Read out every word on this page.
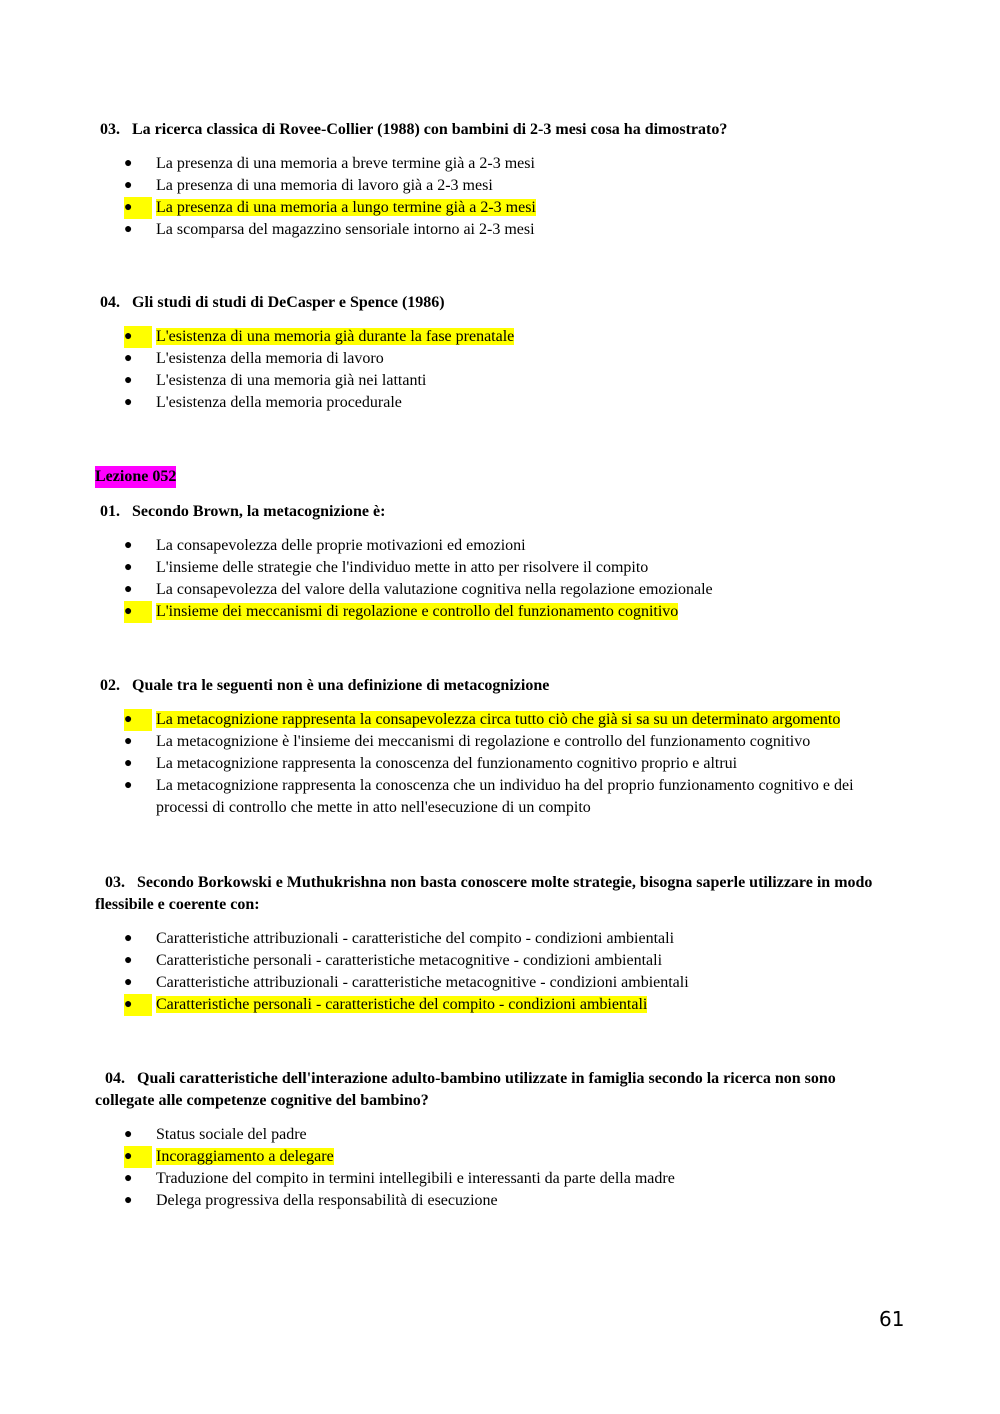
03. La ricerca classica di Rovee-Collier (1988) con bambini di 2-3 mesi cosa ha dimostrato?

● La presenza di una memoria a breve termine già a 2-3 mesi
● La presenza di una memoria di lavoro già a 2-3 mesi
●	La presenza di una memoria a lungo termine già a 2-3 mesi
● La scomparsa del magazzino sensoriale intorno ai 2-3 mesi

04. Gli studi di studi di DeCasper e Spence (1986)

●	L'esistenza di una memoria già durante la fase prenatale
● L'esistenza della memoria di lavoro
● L'esistenza di una memoria già nei lattanti
● L'esistenza della memoria procedurale
Lezione 052

01. Secondo Brown, la metacognizione è:

● La consapevolezza delle proprie motivazioni ed emozioni
● L'insieme delle strategie che l'individuo mette in atto per risolvere il compito
● La consapevolezza del valore della valutazione cognitiva nella regolazione emozionale
●	L'insieme dei meccanismi di regolazione e controllo del funzionamento cognitivo

02. Quale tra le seguenti non è una definizione di metacognizione

●	La metacognizione rappresenta la consapevolezza circa tutto ciò che già si sa su un determinato argomento
● La metacognizione è l'insieme dei meccanismi di regolazione e controllo del funzionamento cognitivo
● La metacognizione rappresenta la conoscenza del funzionamento cognitivo proprio e altrui
● La metacognizione rappresenta la conoscenza che un individuo ha del proprio funzionamento cognitivo e dei processi di controllo che mette in atto nell'esecuzione di un compito

03. Secondo Borkowski e Muthukrishna non basta conoscere molte strategie, bisogna saperle utilizzare in modo flessibile e coerente con:

● Caratteristiche attribuzionali - caratteristiche del compito - condizioni ambientali
● Caratteristiche personali - caratteristiche metacognitive - condizioni ambientali
● Caratteristiche attribuzionali - caratteristiche metacognitive - condizioni ambientali
●	Caratteristiche personali - caratteristiche del compito - condizioni ambientali

04. Quali caratteristiche dell'interazione adulto-bambino utilizzate in famiglia secondo la ricerca non sono collegate alle competenze cognitive del bambino?

● Status sociale del padre
●	Incoraggiamento a delegare
● Traduzione del compito in termini intellegibili e interessanti da parte della madre
● Delega progressiva della responsabilità di esecuzione
61
